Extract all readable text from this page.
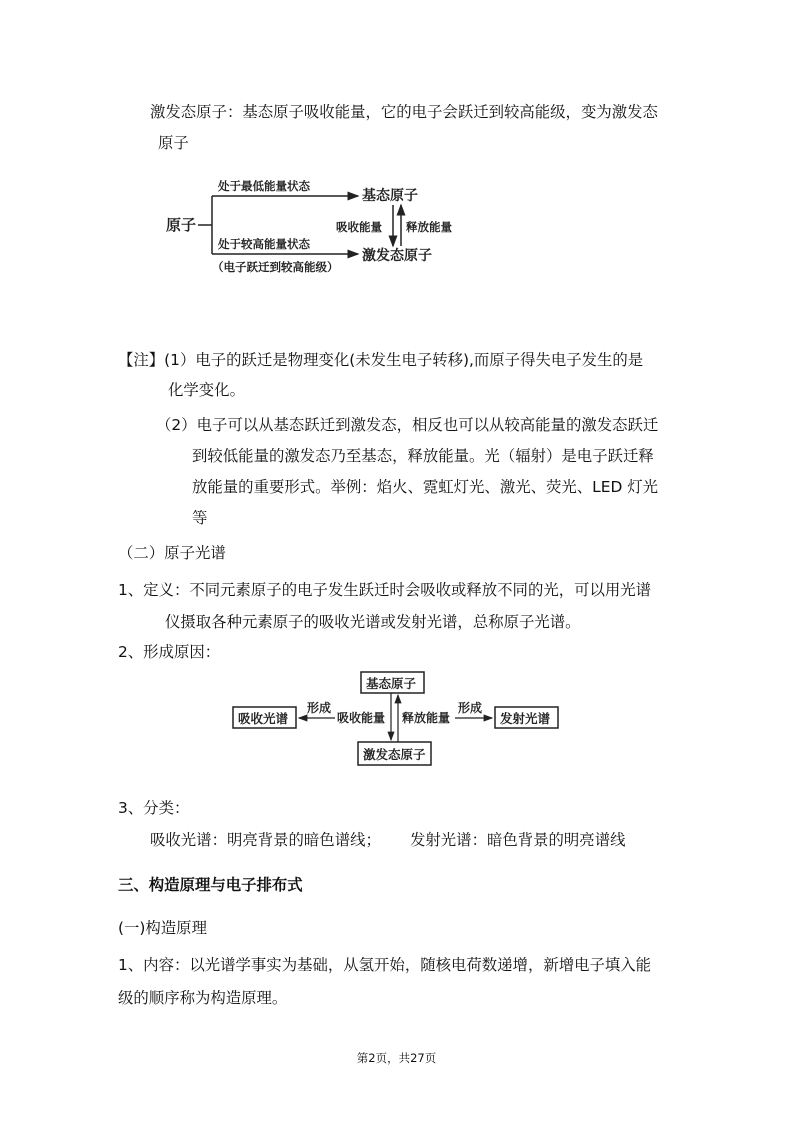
激发态原子：基态原子吸收能量，它的电子会跃迁到较高能级，变为激发态
原子
原子
处于最低能量状态
基态原子
吸收能量 释放能量
处于较高能量状态
激发态原子
（电子跃迁到较高能级）
【注】(1）电子的跃迁是物理变化(未发生电子转移),而原子得失电子发生的是
化学变化。
（2）电子可以从基态跃迁到激发态，相反也可以从较高能量的激发态跃迁
到较低能量的激发态乃至基态，释放能量。光（辐射）是电子跃迁释
放能量的重要形式。举例：焰火、霓虹灯光、激光、荧光、LED 灯光
等
（二）原子光谱
1、定义：不同元素原子的电子发生跃迁时会吸收或释放不同的光，可以用光谱
仪摄取各种元素原子的吸收光谱或发射光谱，总称原子光谱。
2、形成原因：
基态原子
激发态原子
吸收光谱	发射光谱
吸收能量 释放能量
形成	形成
3、分类：
吸收光谱：明亮背景的暗色谱线； 发射光谱：暗色背景的明亮谱线
三、构造原理与电子排布式
(一)构造原理
1、内容：以光谱学事实为基础，从氢开始，随核电荷数递增，新增电子填入能
级的顺序称为构造原理。
第2页，共27页
